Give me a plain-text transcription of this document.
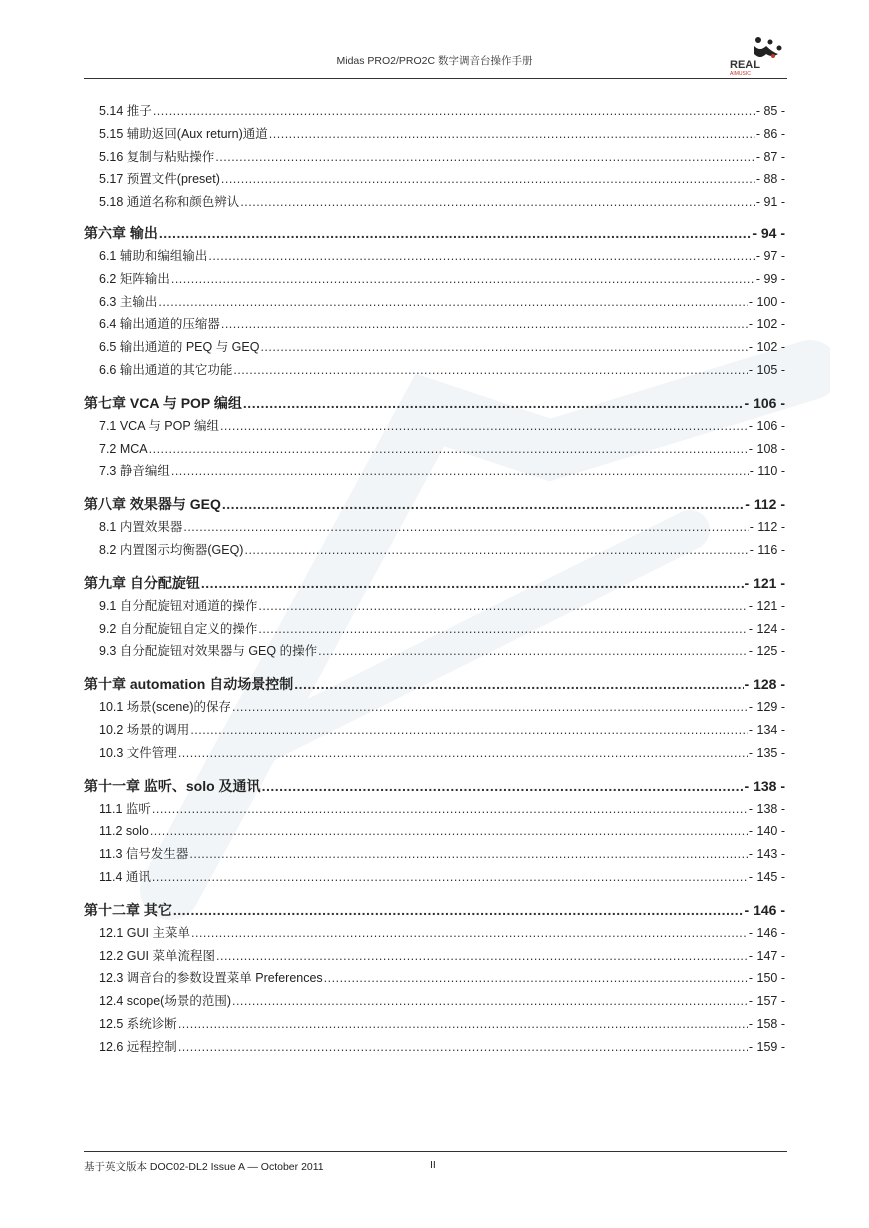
Midas PRO2/PRO2C 数字调音台操作手册	REAL
AIMUSIC
5.14 推子 .....	- 85 -
5.15 辅助返回(Aux return)通道 .....	- 86 -
5.16 复制与粘贴操作 .....	- 87 -
5.17 预置文件(preset) .....	- 88 -
5.18 通道名称和颜色辨认 .....	- 91 -
第六章 输出 .....	- 94 -
6.1 辅助和编组输出 .....	- 97 -
6.2 矩阵输出 .....	- 99 -
6.3 主输出 .....	- 100 -
6.4 输出通道的压缩器 .....	- 102 -
6.5 输出通道的 PEQ 与 GEQ .....	- 102 -
6.6 输出通道的其它功能 .....	- 105 -
第七章 VCA 与 POP 编组 .....	- 106 -
7.1 VCA 与 POP 编组 .....	- 106 -
7.2 MCA .....	- 108 -
7.3 静音编组 .....	- 110 -
第八章 效果器与 GEQ .....	- 112 -
8.1 内置效果器 .....	- 112 -
8.2 内置图示均衡器(GEQ) .....	- 116 -
第九章 自分配旋钮 .....	- 121 -
9.1 自分配旋钮对通道的操作 .....	- 121 -
9.2 自分配旋钮自定义的操作 .....	- 124 -
9.3 自分配旋钮对效果器与 GEQ 的操作 .....	- 125 -
第十章 automation 自动场景控制 .....	- 128 -
10.1 场景(scene)的保存 .....	- 129 -
10.2 场景的调用 .....	- 134 -
10.3 文件管理 .....	- 135 -
第十一章 监听、solo 及通讯 .....	- 138 -
11.1 监听 .....	- 138 -
11.2 solo .....	- 140 -
11.3 信号发生器 .....	- 143 -
11.4 通讯 .....	- 145 -
第十二章 其它 .....	- 146 -
12.1 GUI 主菜单 .....	- 146 -
12.2 GUI 菜单流程图 .....	- 147 -
12.3 调音台的参数设置菜单 Preferences .....	- 150 -
12.4 scope(场景的范围) .....	- 157 -
12.5 系统诊断 .....	- 158 -
12.6 远程控制 .....	- 159 -
基于英文版本 DOC02-DL2 Issue A — October 2011	II
